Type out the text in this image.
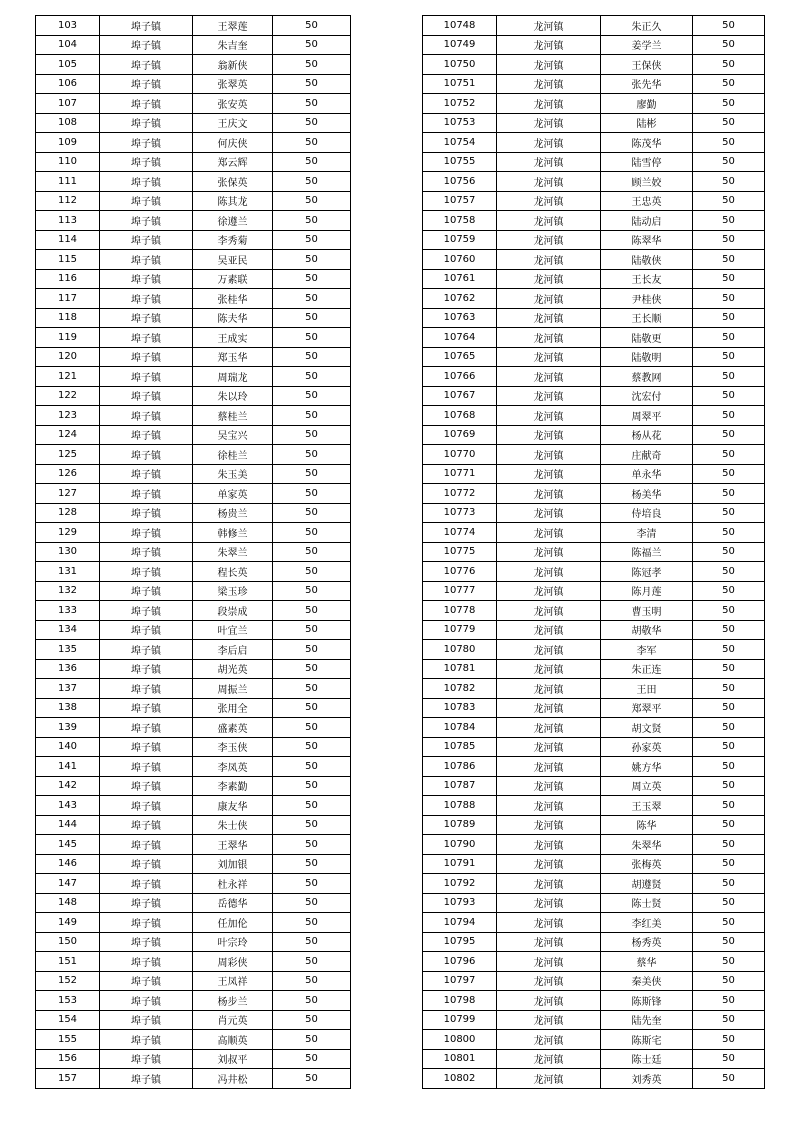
103	埠子镇	王翠莲	50
104	埠子镇	朱吉奎	50
105	埠子镇	翁新侠	50
106	埠子镇	张翠英	50
107	埠子镇	张安英	50
108	埠子镇	王庆文	50
109	埠子镇	何庆侠	50
110	埠子镇	郑云辉	50
111	埠子镇	张保英	50
112	埠子镇	陈其龙	50
113	埠子镇	徐遵兰	50
114	埠子镇	李秀菊	50
115	埠子镇	吴亚民	50
116	埠子镇	万素联	50
117	埠子镇	张桂华	50
118	埠子镇	陈夫华	50
119	埠子镇	王成实	50
120	埠子镇	郑玉华	50
121	埠子镇	周瑞龙	50
122	埠子镇	朱以玲	50
123	埠子镇	蔡桂兰	50
124	埠子镇	吴宝兴	50
125	埠子镇	徐桂兰	50
126	埠子镇	朱玉美	50
127	埠子镇	单家英	50
128	埠子镇	杨贵兰	50
129	埠子镇	韩修兰	50
130	埠子镇	朱翠兰	50
131	埠子镇	程长英	50
132	埠子镇	梁玉珍	50
133	埠子镇	段崇成	50
134	埠子镇	叶宜兰	50
135	埠子镇	李后启	50
136	埠子镇	胡光英	50
137	埠子镇	周振兰	50
138	埠子镇	张用全	50
139	埠子镇	盛素英	50
140	埠子镇	李玉侠	50
141	埠子镇	李凤英	50
142	埠子镇	李素勤	50
143	埠子镇	康友华	50
144	埠子镇	朱士侠	50
145	埠子镇	王翠华	50
146	埠子镇	刘加银	50
147	埠子镇	杜永祥	50
148	埠子镇	岳德华	50
149	埠子镇	任加伦	50
150	埠子镇	叶宗玲	50
151	埠子镇	周彩侠	50
152	埠子镇	王凤祥	50
153	埠子镇	杨步兰	50
154	埠子镇	肖元英	50
155	埠子镇	高顺英	50
156	埠子镇	刘叔平	50
157	埠子镇	冯井松	50
10748	龙河镇	朱正久	50
10749	龙河镇	姜学兰	50
10750	龙河镇	王保侠	50
10751	龙河镇	张先华	50
10752	龙河镇	廖勤	50
10753	龙河镇	陆彬	50
10754	龙河镇	陈茂华	50
10755	龙河镇	陆雪停	50
10756	龙河镇	顾兰姣	50
10757	龙河镇	王忠英	50
10758	龙河镇	陆动启	50
10759	龙河镇	陈翠华	50
10760	龙河镇	陆敬侠	50
10761	龙河镇	王长友	50
10762	龙河镇	尹桂侠	50
10763	龙河镇	王长顺	50
10764	龙河镇	陆敬更	50
10765	龙河镇	陆敬明	50
10766	龙河镇	蔡教网	50
10767	龙河镇	沈宏付	50
10768	龙河镇	周翠平	50
10769	龙河镇	杨从花	50
10770	龙河镇	庄献奇	50
10771	龙河镇	单永华	50
10772	龙河镇	杨美华	50
10773	龙河镇	侍培良	50
10774	龙河镇	李清	50
10775	龙河镇	陈福兰	50
10776	龙河镇	陈冠孝	50
10777	龙河镇	陈月莲	50
10778	龙河镇	曹玉明	50
10779	龙河镇	胡敬华	50
10780	龙河镇	李军	50
10781	龙河镇	朱正连	50
10782	龙河镇	王田	50
10783	龙河镇	郑翠平	50
10784	龙河镇	胡文贤	50
10785	龙河镇	孙家英	50
10786	龙河镇	姚方华	50
10787	龙河镇	周立英	50
10788	龙河镇	王玉翠	50
10789	龙河镇	陈华	50
10790	龙河镇	朱翠华	50
10791	龙河镇	张梅英	50
10792	龙河镇	胡遵贤	50
10793	龙河镇	陈士贤	50
10794	龙河镇	李红美	50
10795	龙河镇	杨秀英	50
10796	龙河镇	蔡华	50
10797	龙河镇	秦美侠	50
10798	龙河镇	陈斯锋	50
10799	龙河镇	陆先奎	50
10800	龙河镇	陈斯宅	50
10801	龙河镇	陈士廷	50
10802	龙河镇	刘秀英	50
